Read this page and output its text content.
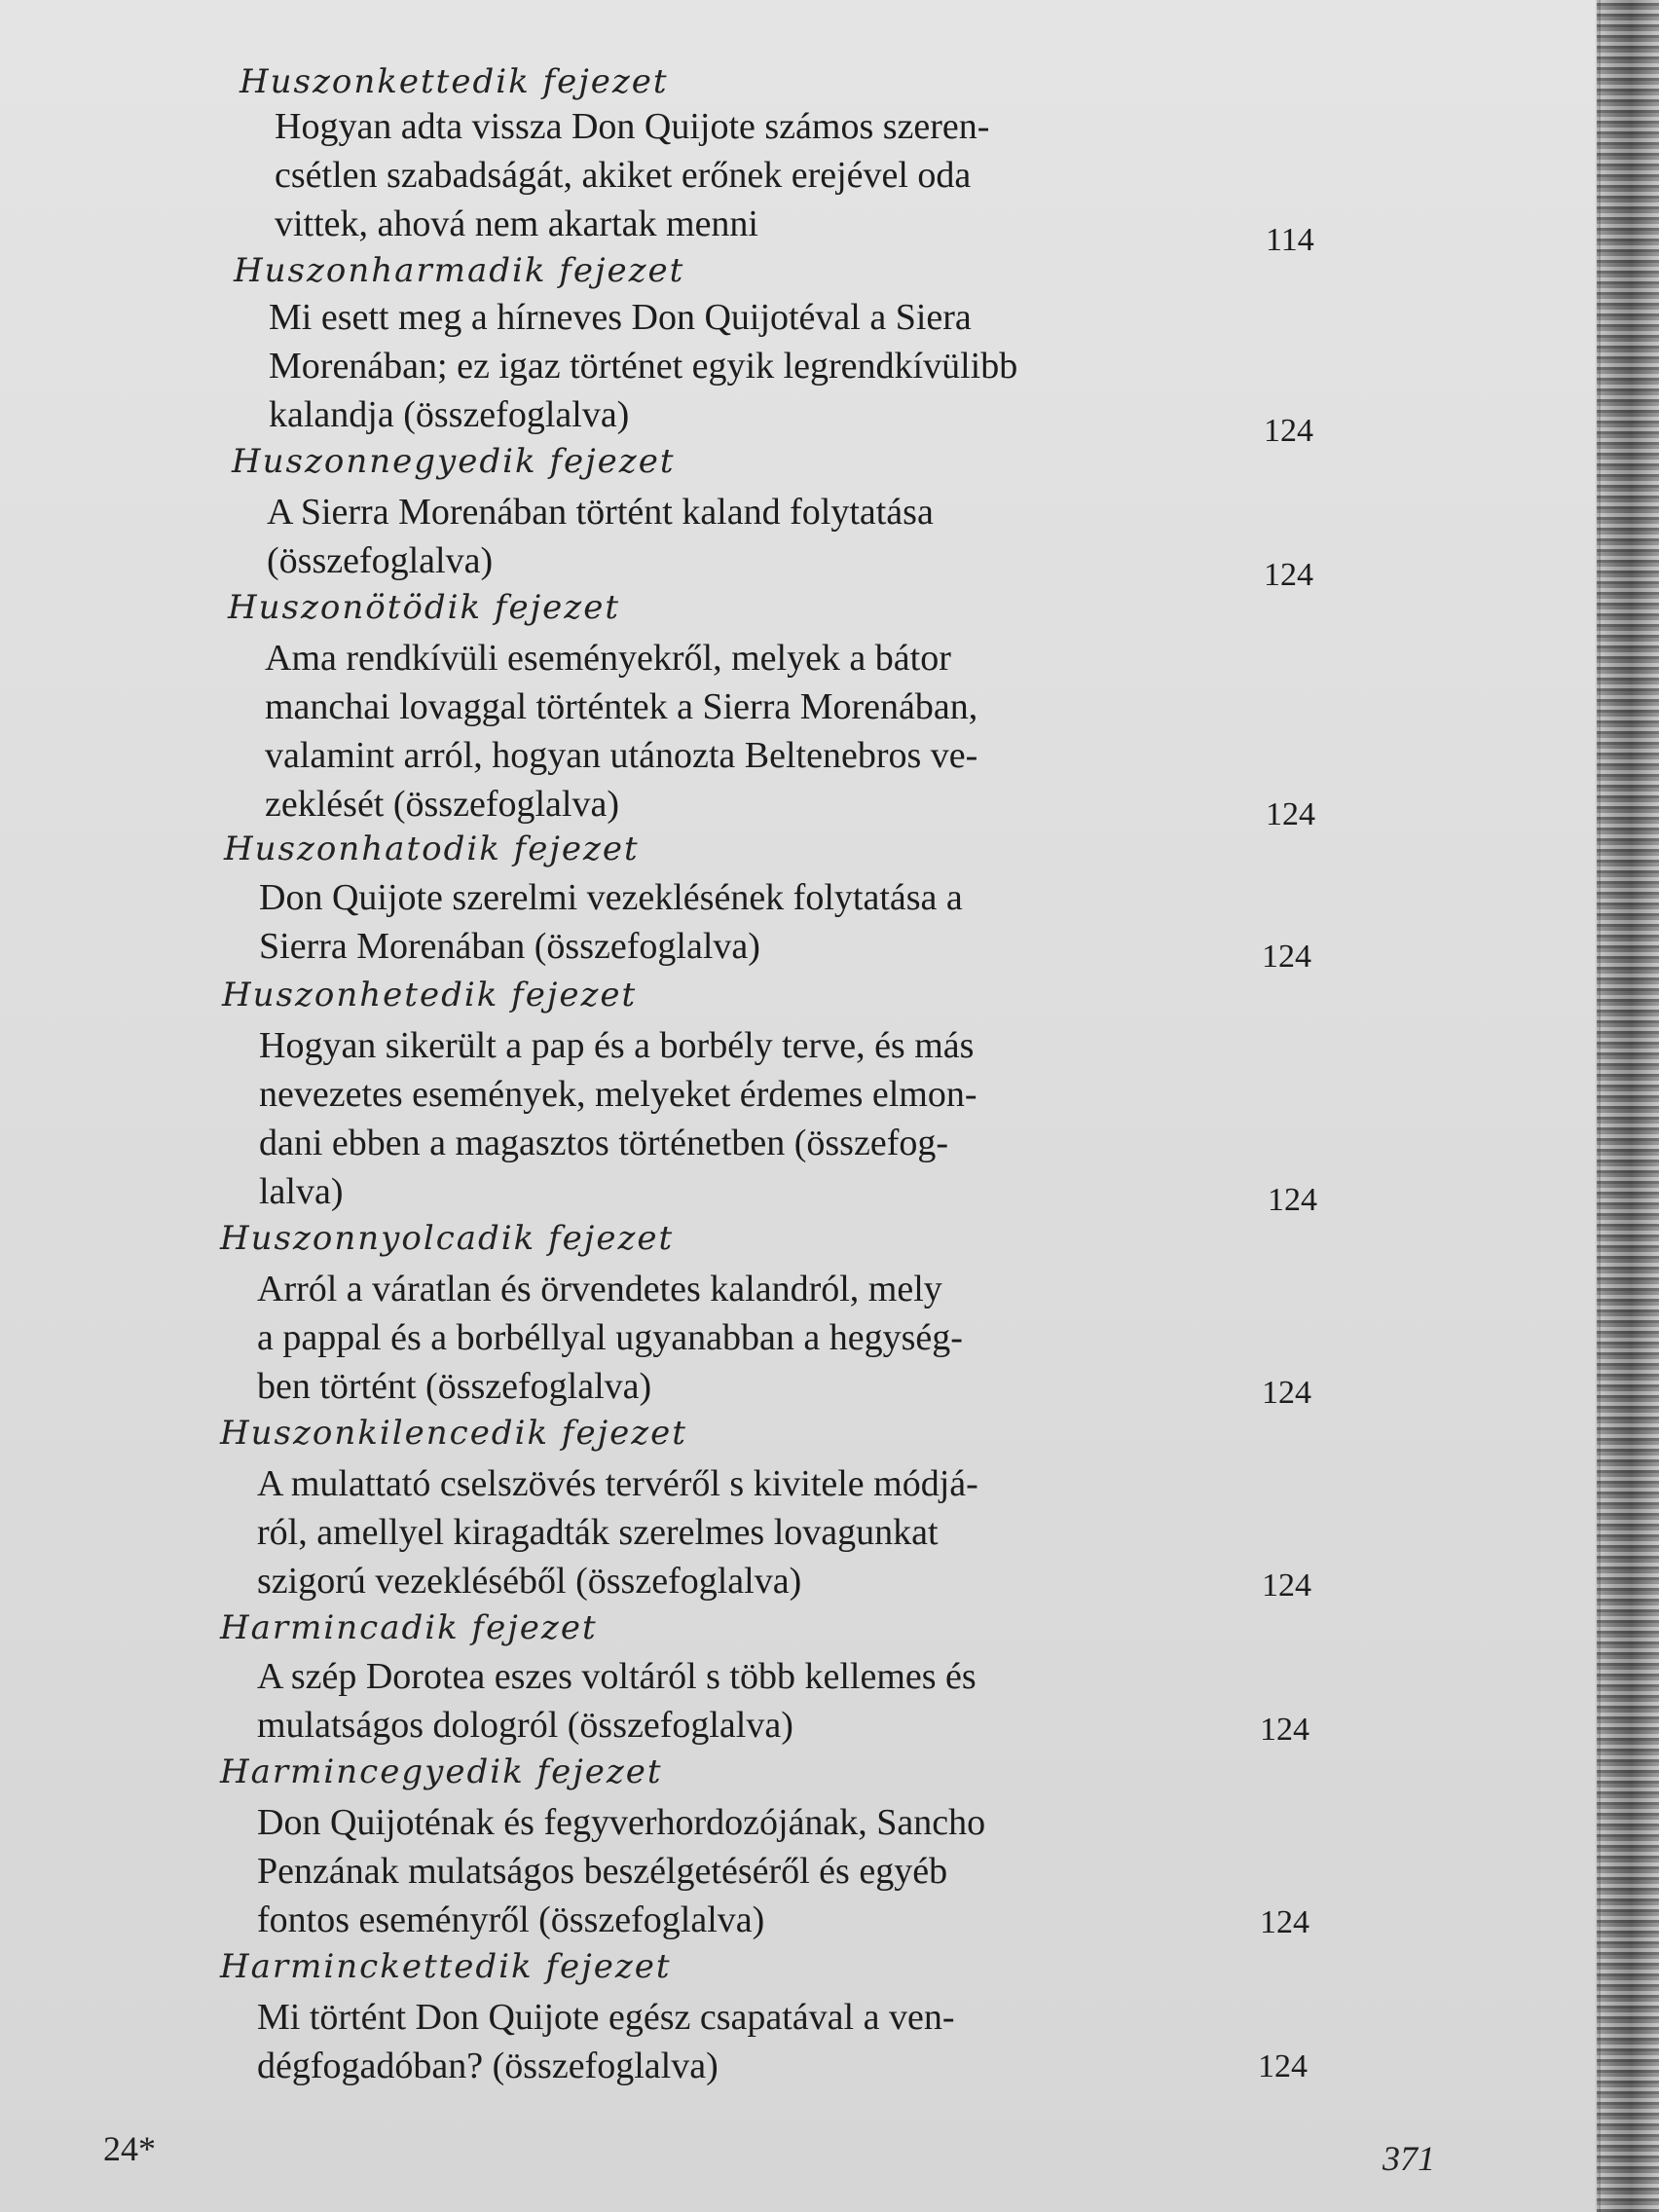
Huszonkettedik fejezet
Hogyan adta vissza Don Quijote számos szeren-
csétlen szabadságát, akiket erőnek erejével oda
vittek, ahová nem akartak menni	114
Huszonharmadik fejezet
Mi esett meg a hírneves Don Quijotéval a Siera
Morenában; ez igaz történet egyik legrendkívülibb
kalandja (összefoglalva)	124
Huszonnegyedik fejezet
A Sierra Morenában történt kaland folytatása
(összefoglalva)	124
Huszonötödik fejezet
Ama rendkívüli eseményekről, melyek a bátor
manchai lovaggal történtek a Sierra Morenában,
valamint arról, hogyan utánozta Beltenebros ve-
zeklését (összefoglalva)	124
Huszonhatodik fejezet
Don Quijote szerelmi vezeklésének folytatása a
Sierra Morenában (összefoglalva)	124
Huszonhetedik fejezet
Hogyan sikerült a pap és a borbély terve, és más
nevezetes események, melyeket érdemes elmon-
dani ebben a magasztos történetben (összefog-
lalva)	124
Huszonnyolcadik fejezet
Arról a váratlan és örvendetes kalandról, mely
a pappal és a borbéllyal ugyanabban a hegység-
ben történt (összefoglalva)	124
Huszonkilencedik fejezet
A mulattató cselszövés tervéről s kivitele módjá-
ról, amellyel kiragadták szerelmes lovagunkat
szigorú vezekléséből (összefoglalva)	124
Harmincadik fejezet
A szép Dorotea eszes voltáról s több kellemes és
mulatságos dologról (összefoglalva)	124
Harmincegyedik fejezet
Don Quijoténak és fegyverhordozójának, Sancho
Penzának mulatságos beszélgetéséről és egyéb
fontos eseményről (összefoglalva)	124
Harminckettedik fejezet
Mi történt Don Quijote egész csapatával a ven-
dégfogadóban? (összefoglalva)	124
24*	371
